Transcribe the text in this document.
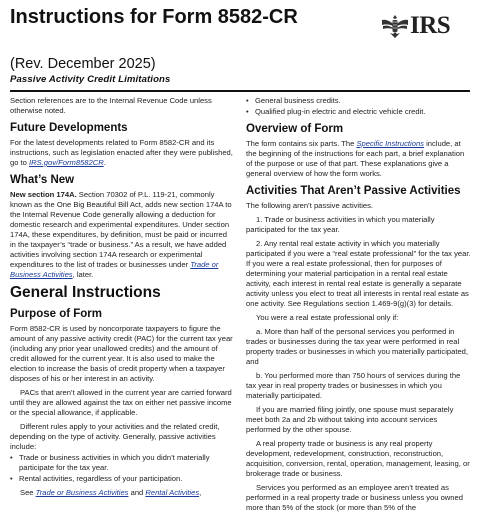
Instructions for Form 8582-CR
(Rev. December 2025)
Passive Activity Credit Limitations
IRS

Section references are to the Internal Revenue Code unless otherwise noted.

Future Developments

For the latest developments related to Form 8582-CR and its instructions, such as legislation enacted after they were published, go to IRS.gov/Form8582CR.

What’s New

New section 174A. Section 70302 of P.L. 119-21, commonly known as the One Big Beautiful Bill Act, adds new section 174A to the Internal Revenue Code generally allowing a deduction for domestic research and experimental expenditures. Under section 174A, these expenditures, by definition, must be paid or incurred in the taxpayer’s “trade or business.” As a result, we have added activities involving section 174A research or experimental expenditures to the list of trades or businesses under Trade or Business Activities, later.

General Instructions
Purpose of Form

Form 8582-CR is used by noncorporate taxpayers to figure the amount of any passive activity credit (PAC) for the current tax year (including any prior year unallowed credits) and the amount of credit allowed for the current year. It is also used to make the election to increase the basis of credit property when a taxpayer disposes of his or her interest in an activity.

PACs that aren’t allowed in the current year are carried forward until they are allowed against the tax on either net passive income or the special allowance, if applicable.

Different rules apply to your activities and the related credit, depending on the type of activity. Generally, passive activities include:

• Trade or business activities in which you didn’t materially participate for the tax year.
• Rental activities, regardless of your participation.

See Trade or Business Activities and Rental Activities,

• General business credits.
• Qualified plug-in electric and electric vehicle credit.
Overview of Form

The form contains six parts. The Specific Instructions include, at the beginning of the instructions for each part, a brief explanation of the purpose or use of that part. These explanations give a general overview of how the form works.

Activities That Aren’t Passive Activities

The following aren’t passive activities.

1. Trade or business activities in which you materially participated for the tax year.

2. Any rental real estate activity in which you materially participated if you were a “real estate professional” for the tax year. If you were a real estate professional, then for purposes of determining your material participation in a rental real estate activity, each interest in rental real estate is generally a separate activity unless you elect to treat all interests in rental real estate as one activity. See Regulations section 1.469-9(g)(3) for details.

You were a real estate professional only if:

a. More than half of the personal services you performed in trades or businesses during the tax year were performed in real property trades or businesses in which you materially participated, and

b. You performed more than 750 hours of services during the tax year in real property trades or businesses in which you materially participated.

If you are married filing jointly, one spouse must separately meet both 2a and 2b without taking into account services performed by the other spouse.

A real property trade or business is any real property development, redevelopment, construction, reconstruction, acquisition, conversion, rental, operation, management, leasing, or brokerage trade or business.

Services you performed as an employee aren’t treated as performed in a real property trade or business unless you owned more than 5% of the stock (or more than 5% of the
